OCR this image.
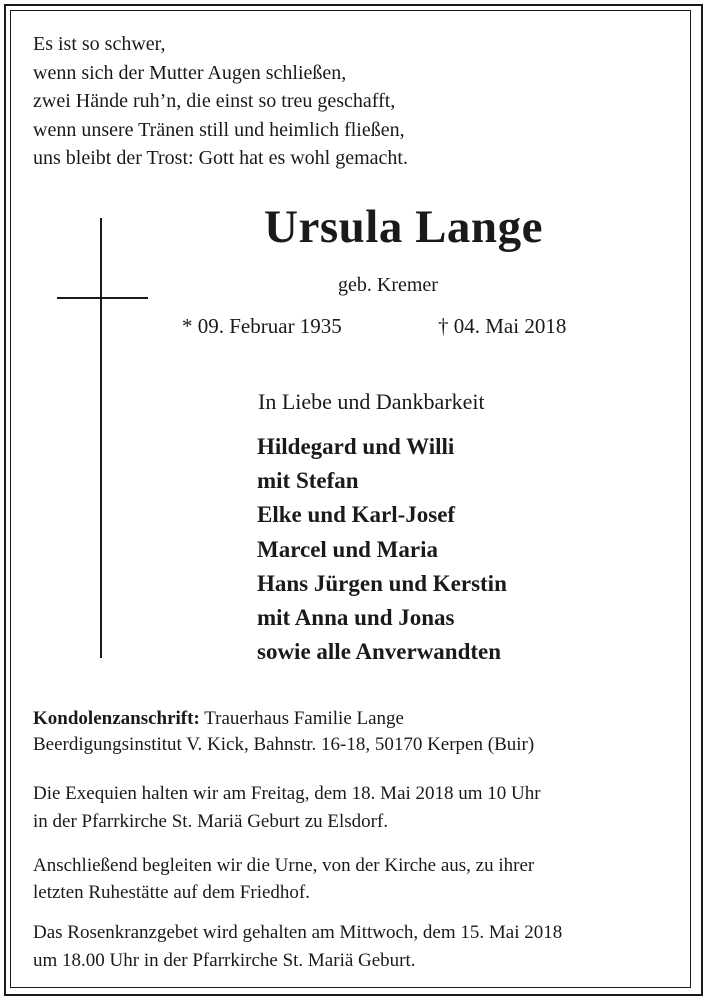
Es ist so schwer,
wenn sich der Mutter Augen schließen,
zwei Hände ruh’n, die einst so treu geschafft,
wenn unsere Tränen still und heimlich fließen,
uns bleibt der Trost: Gott hat es wohl gemacht.
Ursula Lange
geb. Kremer
* 09. Februar 1935	† 04. Mai 2018
In Liebe und Dankbarkeit
Hildegard und Willi
mit Stefan
Elke und Karl-Josef
Marcel und Maria
Hans Jürgen und Kerstin
mit Anna und Jonas
sowie alle Anverwandten
Kondolenzanschrift: Trauerhaus Familie Lange
Beerdigungsinstitut V. Kick, Bahnstr. 16-18, 50170 Kerpen (Buir)
Die Exequien halten wir am Freitag, dem 18. Mai 2018 um 10 Uhr
in der Pfarrkirche St. Mariä Geburt zu Elsdorf.
Anschließend begleiten wir die Urne, von der Kirche aus, zu ihrer
letzten Ruhestätte auf dem Friedhof.
Das Rosenkranzgebet wird gehalten am Mittwoch, dem 15. Mai 2018
um 18.00 Uhr in der Pfarrkirche St. Mariä Geburt.
